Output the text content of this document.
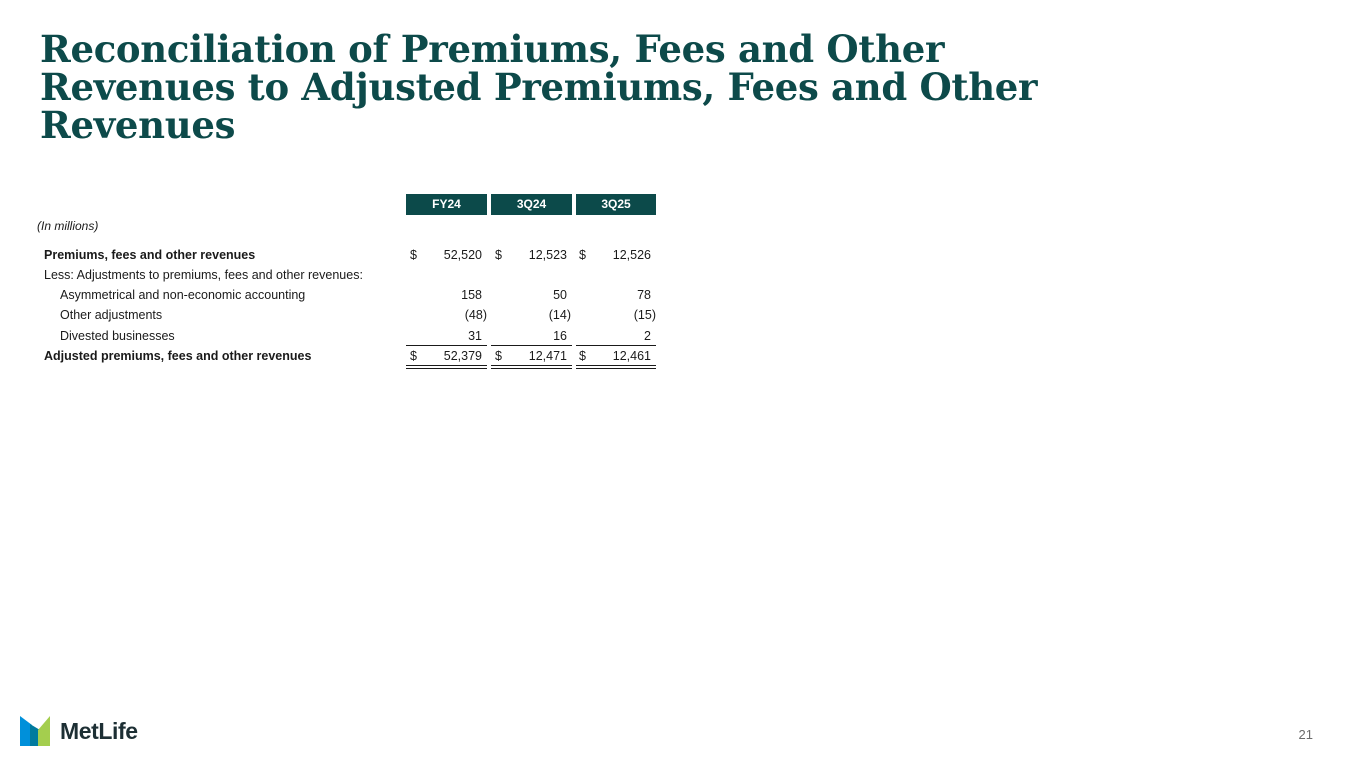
Reconciliation of Premiums, Fees and Other Revenues to Adjusted Premiums, Fees and Other Revenues
FY24	3Q24	3Q25
(In millions)
Premiums, fees and other revenues	$	52,520 $	12,523 $	12,526
Less: Adjustments to premiums, fees and other revenues:
Asymmetrical and non-economic accounting	158	50	78
Other adjustments	(48)	(14)	(15)
Divested businesses	31	16	2
Adjusted premiums, fees and other revenues	$	52,379 $	12,471 $	12,461
MetLife	21
